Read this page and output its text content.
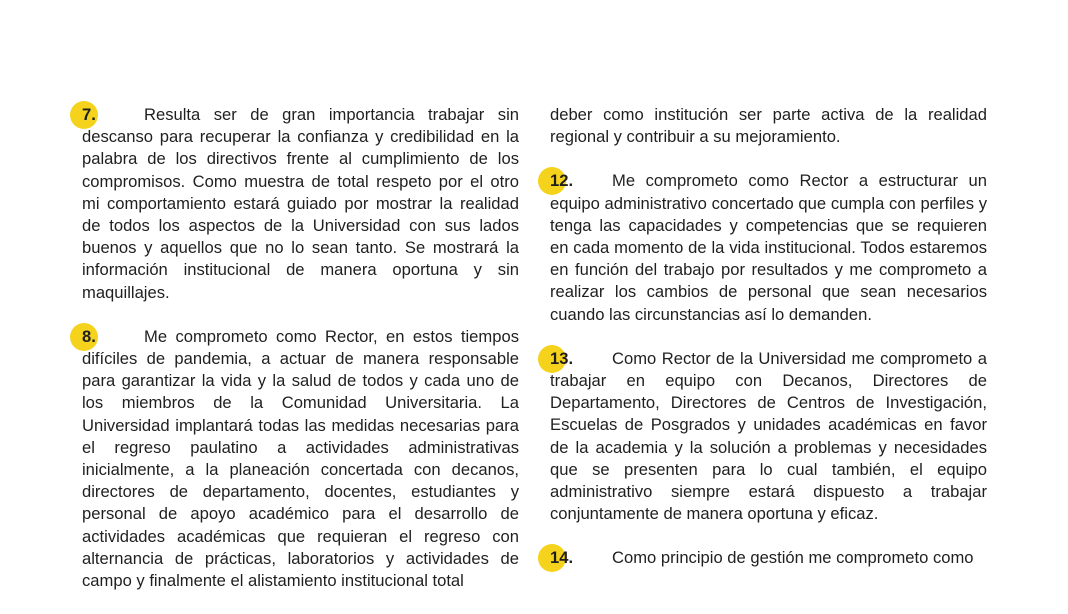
7.	Resulta ser de gran importancia trabajar sin descanso para recuperar la confianza y credibilidad en la palabra de los directivos frente al cumplimiento de los compromisos. Como muestra de total respeto por el otro mi comportamiento estará guiado por mostrar la realidad de todos los aspectos de la Universidad con sus lados buenos y aquellos que no lo sean tanto. Se mostrará la información institucional de manera oportuna y sin maquillajes.

8.	Me comprometo como Rector, en estos tiempos difíciles de pandemia, a actuar de manera responsable para garantizar la vida y la salud de todos y cada uno de los miembros de la Comunidad Universitaria. La Universidad implantará todas las medidas necesarias para el regreso paulatino a actividades administrativas inicialmente, a la planeación concertada con decanos, directores de departamento, docentes, estudiantes y personal de apoyo académico para el desarrollo de actividades académicas que requieran el regreso con alternancia de prácticas, laboratorios y actividades de campo y finalmente el alistamiento institucional total

deber como institución ser parte activa de la realidad regional y contribuir a su mejoramiento.

12. Me comprometo como Rector a estructurar un equipo administrativo concertado que cumpla con perfiles y tenga las capacidades y competencias que se requieren en cada momento de la vida institucional. Todos estaremos en función del trabajo por resultados y me comprometo a realizar los cambios de personal que sean necesarios cuando las circunstancias así lo demanden.

13. Como Rector de la Universidad me comprometo a trabajar en equipo con Decanos, Directores de Departamento, Directores de Centros de Investigación, Escuelas de Posgrados y unidades académicas en favor de la academia y la solución a problemas y necesidades que se presenten para lo cual también, el equipo administrativo siempre estará dispuesto a trabajar conjuntamente de manera oportuna y eficaz.

14. Como principio de gestión me comprometo como
